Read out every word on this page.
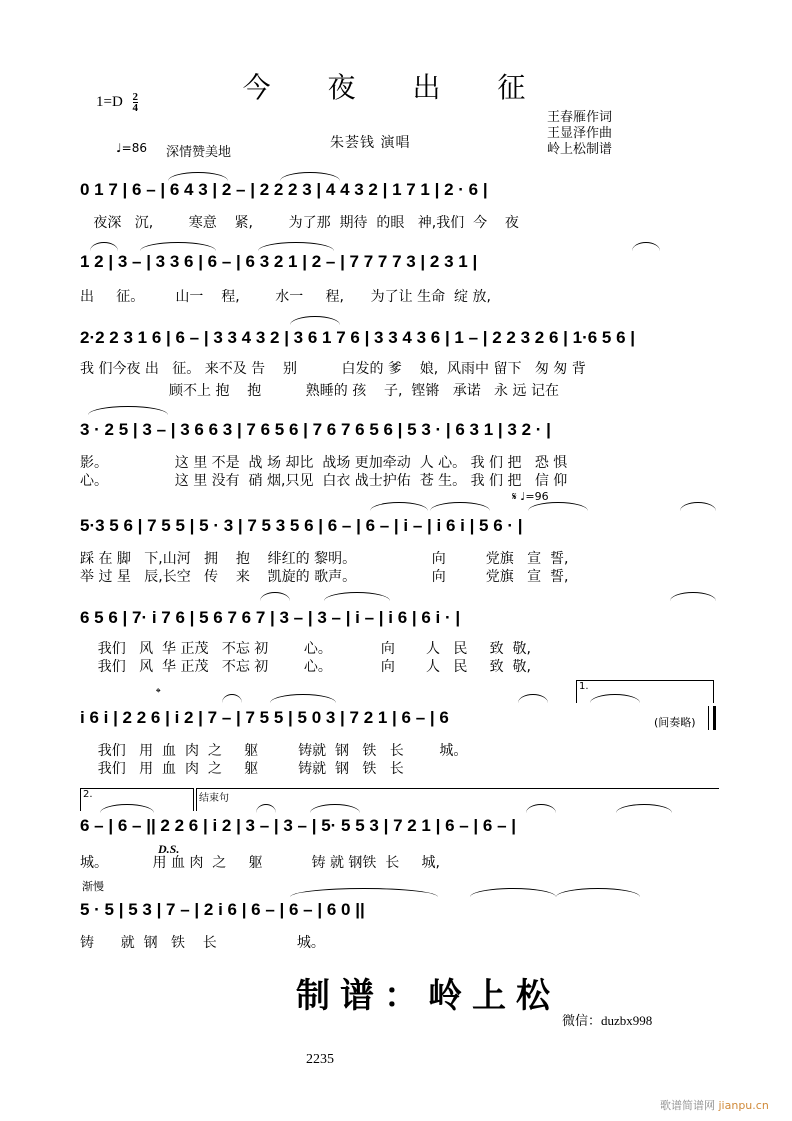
今 夜 出 征
$1=D \frac{2}{4}$
♩=86 深情赞美地
朱荟钱 演唱
王春雁作词
王显泽作曲
岭上松制谱
0 1 7 | 6 – | 6 4 3 | 2 – | 2 2 2 3 | 4 4 3 2 | 1 7 1 | 2 · 6 |
夜深   沉,        寒意    紧,        为了那  期待  的眼   神,我们  今    夜
1 2 | 3 – | 3 3 6 | 6 – | 6 3 2 1 | 2 – | 7 7 7 7 3 | 2 3 1 |
出     征。       山一    程,        水一     程,      为了让 生命  绽 放,
2·2 2 3 1 6 | 6 – | 3 3 4 3 2 | 3 6 1 7 6 | 3 3 4 3 6 | 1 – | 2 2 3 2 6 | 1·6 5 6 |
我 们今夜 出   征。 来不及 告    别          白发的 爹    娘,  风雨中 留下   匆 匆 背
顾不上 抱    抱          熟睡的 孩    子,  铿锵   承诺   永 远 记在
3 · 2 5 | 3 – | 3 6 6 3 | 7 6 5 6 | 7 6 7 6 5 6 | 5 3 · | 6 3 1 | 3 2 · |
影。               这 里 不是  战 场 却比  战场 更加牵动  人 心。 我 们 把   恐 惧
心。               这 里 没有  硝 烟,只见  白衣 战士护佑  苍 生。 我 们 把   信 仰
𝄋 ♩=96
5·3 5 6 | 7 5 5 | 5 · 3 | 7 5 3 5 6 | 6 – | 6 – | i – | i 6 i | 5 6 · |
踩 在 脚   下,山河   拥    抱    绯红的 黎明。                 向         党旗   宣  誓,
举 过 星   辰,长空   传    来    凯旋的 歌声。                 向         党旗   宣  誓,
6 5 6 | 7· i 7 6 | 5 6 7 6 7 | 3 – | 3 – | i – | i 6 | 6 i · |
我们   风  华 正茂   不忘 初        心。           向       人   民     致  敬,
我们   风  华 正茂   不忘 初        心。           向       人   民     致  敬,
1.
𝄌
i 6 i | 2 2 6 | i 2 | 7 – | 7 5 5 | 5 0 3 | 7 2 1 | 6 – | 6	(间奏略)
我们   用  血  肉  之     躯         铸就  钢   铁   长        城。
我们   用  血  肉  之     躯         铸就  钢   铁   长
2.	结束句
6 – | 6 – || 2 2 6 | i 2 | 3 – | 3 – | 5· 5 5 3 | 7 2 1 | 6 – | 6 – |
D.S.
城。          用 血 肉  之     躯           铸 就 钢铁  长     城,
渐慢
5 · 5 | 5 3 | 7 – | 2 i 6 | 6 – | 6 – | 6 0 ||
铸      就  钢   铁    长                  城。
制谱：岭上松
微信：duzbx998
2235
歌谱简谱网 jianpu.cn
